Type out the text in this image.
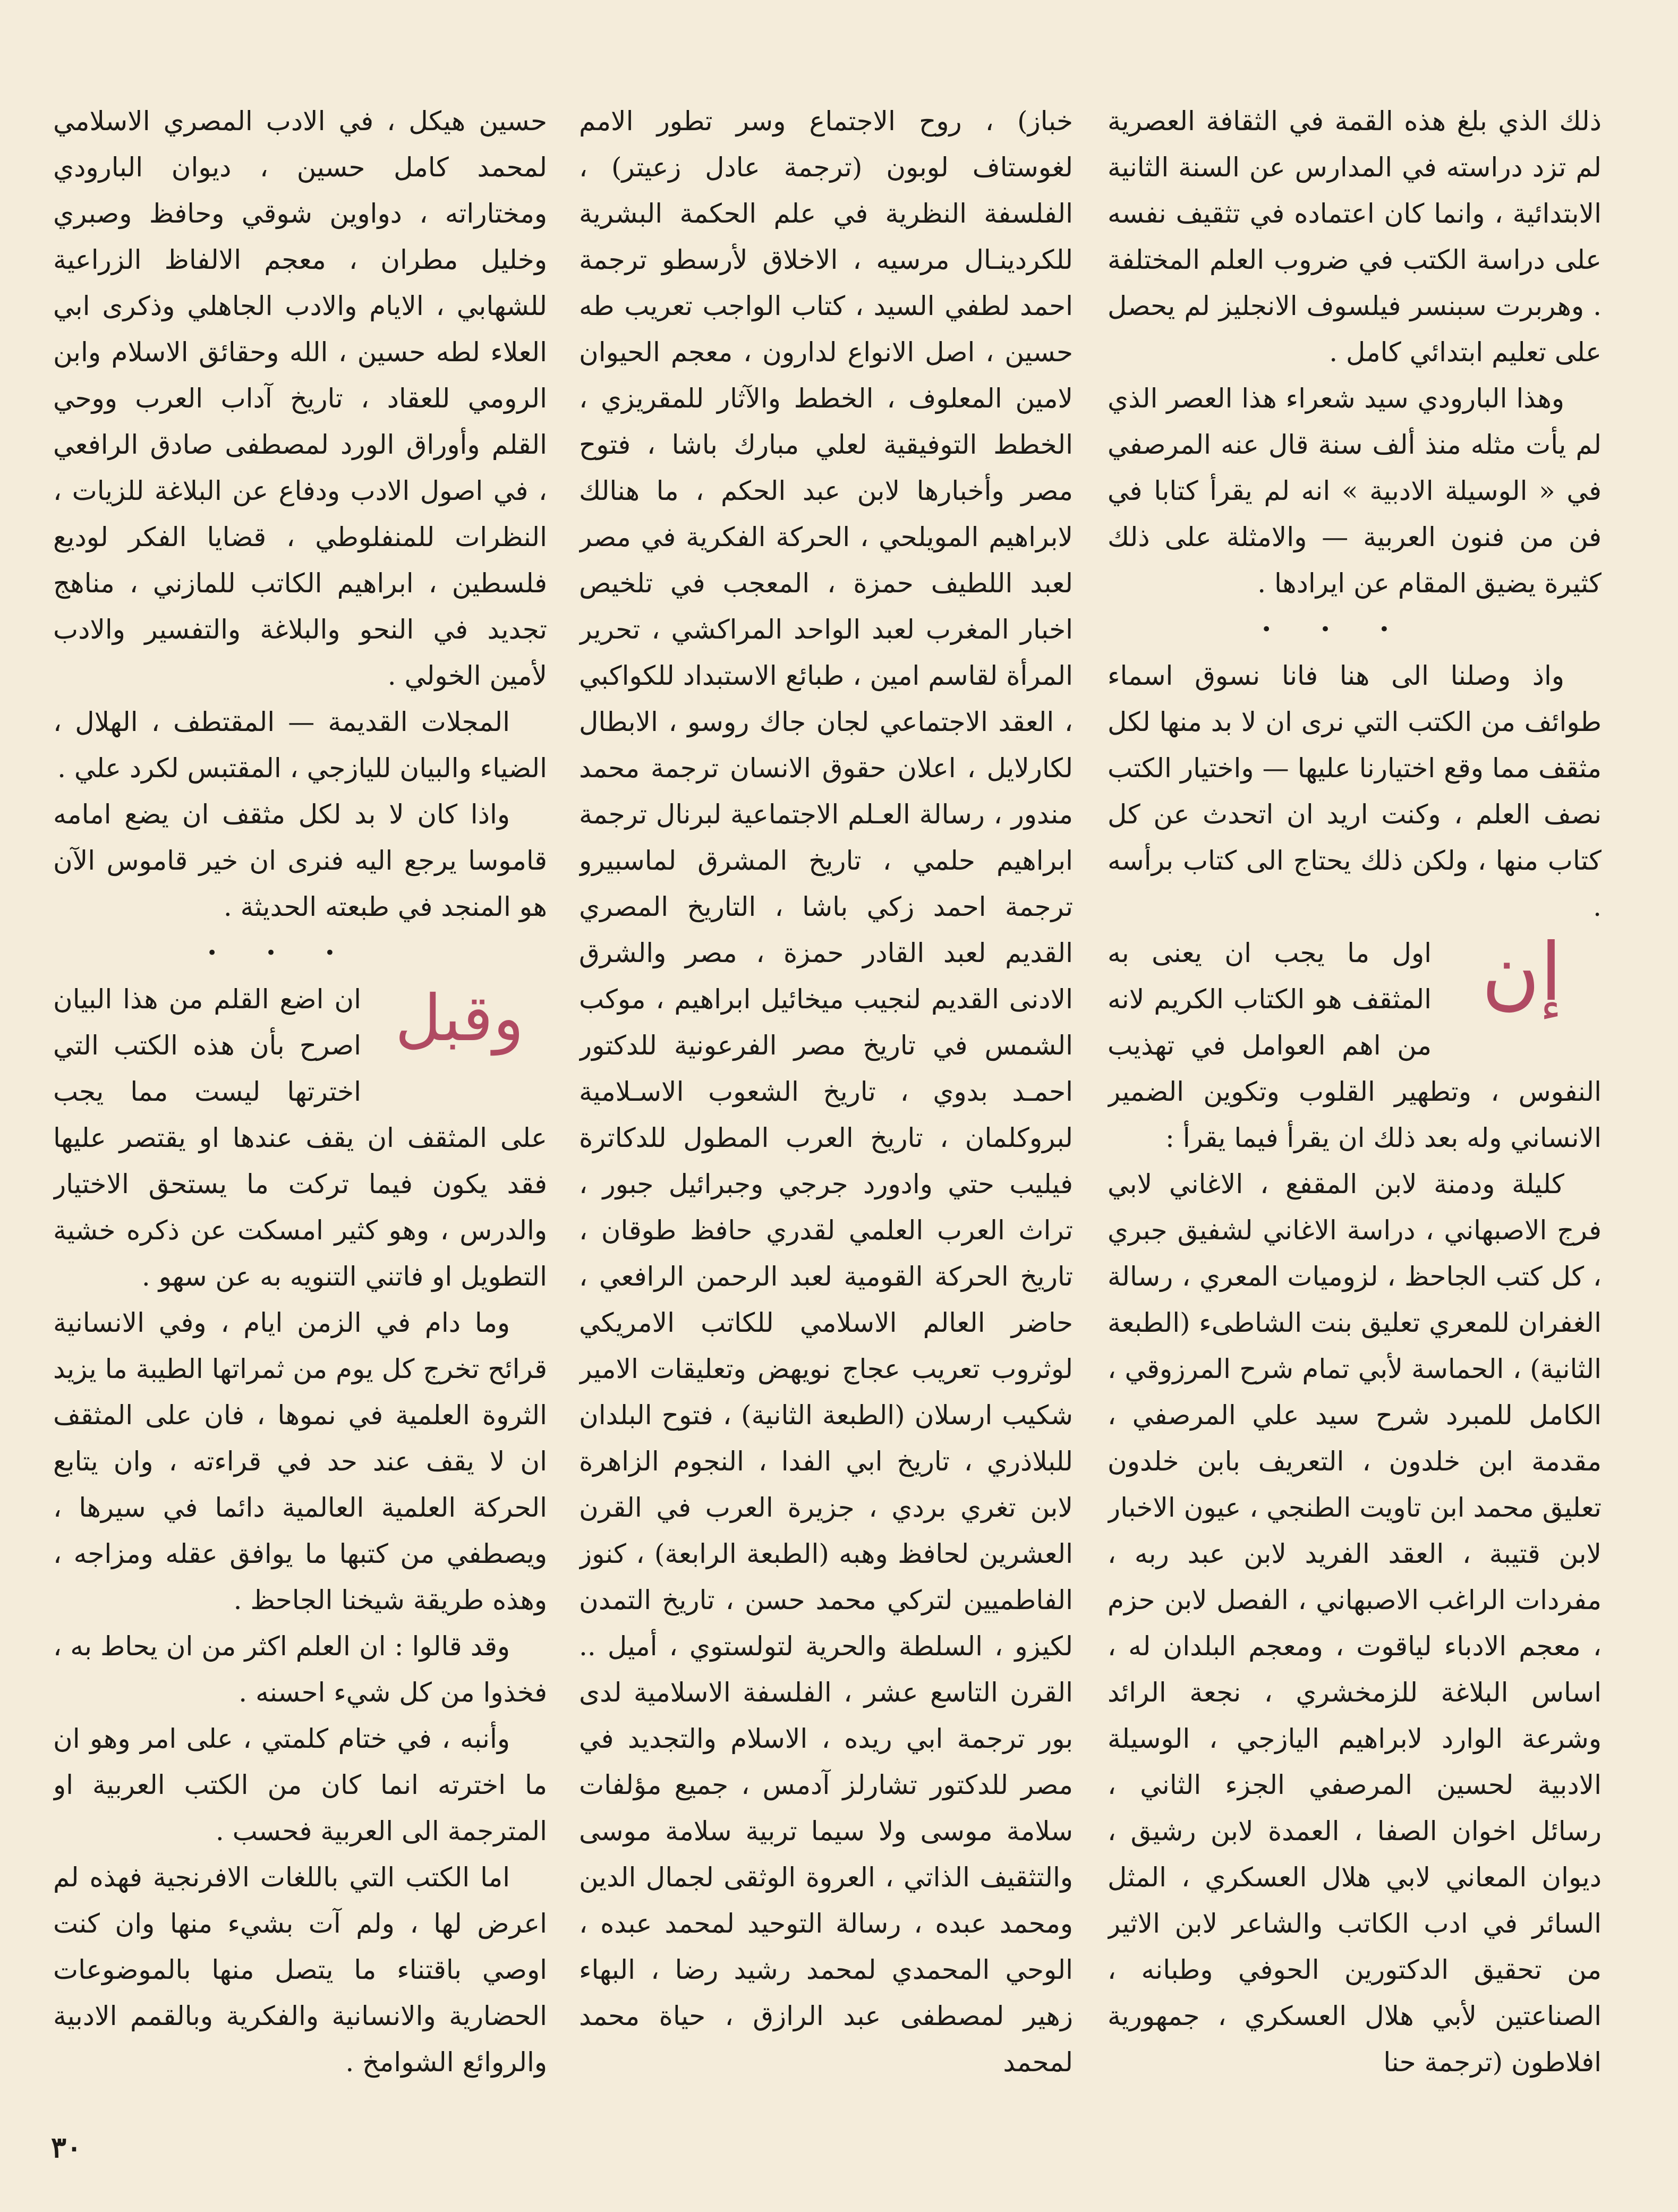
ذلك الذي بلغ هذه القمة في الثقافة العصرية لم تزد دراسته في المدارس عن السنة الثانية الابتدائية ، وانما كان اعتماده في تثقيف نفسه على دراسة الكتب في ضروب العلم المختلفة . وهربرت سبنسر فيلسوف الانجليز لم يحصل على تعليم ابتدائي كامل .

وهذا البارودي سيد شعراء هذا العصر الذي لم يأت مثله منذ ألف سنة قال عنه المرصفي في « الوسيلة الادبية » انه لم يقرأ كتابا في فن من فنون العربية — والامثلة على ذلك كثيرة يضيق المقام عن ايرادها .

• • •

واذ وصلنا الى هنا فانا نسوق اسماء طوائف من الكتب التي نرى ان لا بد منها لكل مثقف مما وقع اختيارنا عليها — واختيار الكتب نصف العلم ، وكنت اريد ان اتحدث عن كل كتاب منها ، ولكن ذلك يحتاج الى كتاب برأسه .

إن

اول ما يجب ان يعنى به المثقف هو الكتاب الكريم لانه من اهم العوامل في تهذيب النفوس ، وتطهير القلوب وتكوين الضمير الانساني وله بعد ذلك ان يقرأ فيما يقرأ :

كليلة ودمنة لابن المقفع ، الاغاني لابي فرج الاصبهاني ، دراسة الاغاني لشفيق جبري ، كل كتب الجاحظ ، لزوميات المعري ، رسالة الغفران للمعري تعليق بنت الشاطىء (الطبعة الثانية) ، الحماسة لأبي تمام شرح المرزوقي ، الكامل للمبرد شرح سيد علي المرصفي ، مقدمة ابن خلدون ، التعريف بابن خلدون تعليق محمد ابن تاويت الطنجي ، عيون الاخبار لابن قتيبة ، العقد الفريد لابن عبد ربه ، مفردات الراغب الاصبهاني ، الفصل لابن حزم ، معجم الادباء لياقوت ، ومعجم البلدان له ، اساس البلاغة للزمخشري ، نجعة الرائد وشرعة الوارد لابراهيم اليازجي ، الوسيلة الادبية لحسين المرصفي الجزء الثاني ، رسائل اخوان الصفا ، العمدة لابن رشيق ، ديوان المعاني لابي هلال العسكري ، المثل السائر في ادب الكاتب والشاعر لابن الاثير من تحقيق الدكتورين الحوفي وطبانه ، الصناعتين لأبي هلال العسكري ، جمهورية افلاطون (ترجمة حنا

خباز) ، روح الاجتماع وسر تطور الامم لغوستاف لوبون (ترجمة عادل زعيتر) ، الفلسفة النظرية في علم الحكمة البشرية للكردينـال مرسيه ، الاخلاق لأرسطو ترجمة احمد لطفي السيد ، كتاب الواجب تعريب طه حسين ، اصل الانواع لدارون ، معجم الحيوان لامين المعلوف ، الخطط والآثار للمقريزي ، الخطط التوفيقية لعلي مبارك باشا ، فتوح مصر وأخبارها لابن عبد الحكم ، ما هنالك لابراهيم المويلحي ، الحركة الفكرية في مصر لعبد اللطيف حمزة ، المعجب في تلخيص اخبار المغرب لعبد الواحد المراكشي ، تحرير المرأة لقاسم امين ، طبائع الاستبداد للكواكبي ، العقد الاجتماعي لجان جاك روسو ، الابطال لكارلايل ، اعلان حقوق الانسان ترجمة محمد مندور ، رسالة العـلم الاجتماعية لبرنال ترجمة ابراهيم حلمي ، تاريخ المشرق لماسبيرو ترجمة احمد زكي باشا ، التاريخ المصري القديم لعبد القادر حمزة ، مصر والشرق الادنى القديم لنجيب ميخائيل ابراهيم ، موكب الشمس في تاريخ مصر الفرعونية للدكتور احمـد بدوي ، تاريخ الشعوب الاسـلامية لبروكلمان ، تاريخ العرب المطول للدكاترة فيليب حتي وادورد جرجي وجبرائيل جبور ، تراث العرب العلمي لقدري حافظ طوقان ، تاريخ الحركة القومية لعبد الرحمن الرافعي ، حاضر العالم الاسلامي للكاتب الامريكي لوثروب تعريب عجاج نويهض وتعليقات الامير شكيب ارسلان (الطبعة الثانية) ، فتوح البلدان للبلاذري ، تاريخ ابي الفدا ، النجوم الزاهرة لابن تغري بردي ، جزيرة العرب في القرن العشرين لحافظ وهبه (الطبعة الرابعة) ، كنوز الفاطميين لتركي محمد حسن ، تاريخ التمدن لكيزو ، السلطة والحرية لتولستوي ، أميل .. القرن التاسع عشر ، الفلسفة الاسلامية لدى بور ترجمة ابي ريده ، الاسلام والتجديد في مصر للدكتور تشارلز آدمس ، جميع مؤلفات سلامة موسى ولا سيما تربية سلامة موسى والتثقيف الذاتي ، العروة الوثقى لجمال الدين ومحمد عبده ، رسالة التوحيد لمحمد عبده ، الوحي المحمدي لمحمد رشيد رضا ، البهاء زهير لمصطفى عبد الرازق ، حياة محمد لمحمد

حسين هيكل ، في الادب المصري الاسلامي لمحمد كامل حسين ، ديوان البارودي ومختاراته ، دواوين شوقي وحافظ وصبري وخليل مطران ، معجم الالفاظ الزراعية للشهابي ، الايام والادب الجاهلي وذكرى ابي العلاء لطه حسين ، الله وحقائق الاسلام وابن الرومي للعقاد ، تاريخ آداب العرب ووحي القلم وأوراق الورد لمصطفى صادق الرافعي ، في اصول الادب ودفاع عن البلاغة للزيات ، النظرات للمنفلوطي ، قضايا الفكر لوديع فلسطين ، ابراهيم الكاتب للمازني ، مناهج تجديد في النحو والبلاغة والتفسير والادب لأمين الخولي .

المجلات القديمة — المقتطف ، الهلال ، الضياء والبيان لليازجي ، المقتبس لكرد علي .

واذا كان لا بد لكل مثقف ان يضع امامه قاموسا يرجع اليه فنرى ان خير قاموس الآن هو المنجد في طبعته الحديثة .

• • •

وقبل

ان اضع القلم من هذا البيان اصرح بأن هذه الكتب التي اخترتها ليست مما يجب على المثقف ان يقف عندها او يقتصر عليها فقد يكون فيما تركت ما يستحق الاختيار والدرس ، وهو كثير امسكت عن ذكره خشية التطويل او فاتني التنويه به عن سهو .

وما دام في الزمن ايام ، وفي الانسانية قرائح تخرج كل يوم من ثمراتها الطيبة ما يزيد الثروة العلمية في نموها ، فان على المثقف ان لا يقف عند حد في قراءته ، وان يتابع الحركة العلمية العالمية دائما في سيرها ، ويصطفي من كتبها ما يوافق عقله ومزاجه ، وهذه طريقة شيخنا الجاحظ .

وقد قالوا : ان العلم اكثر من ان يحاط به ، فخذوا من كل شيء احسنه .

وأنبه ، في ختام كلمتي ، على امر وهو ان ما اخترته انما كان من الكتب العربية او المترجمة الى العربية فحسب .

اما الكتب التي باللغات الافرنجية فهذه لم اعرض لها ، ولم آت بشيء منها وان كنت اوصي باقتناء ما يتصل منها بالموضوعات الحضارية والانسانية والفكرية وبالقمم الادبية والروائع الشوامخ .

٣٠
